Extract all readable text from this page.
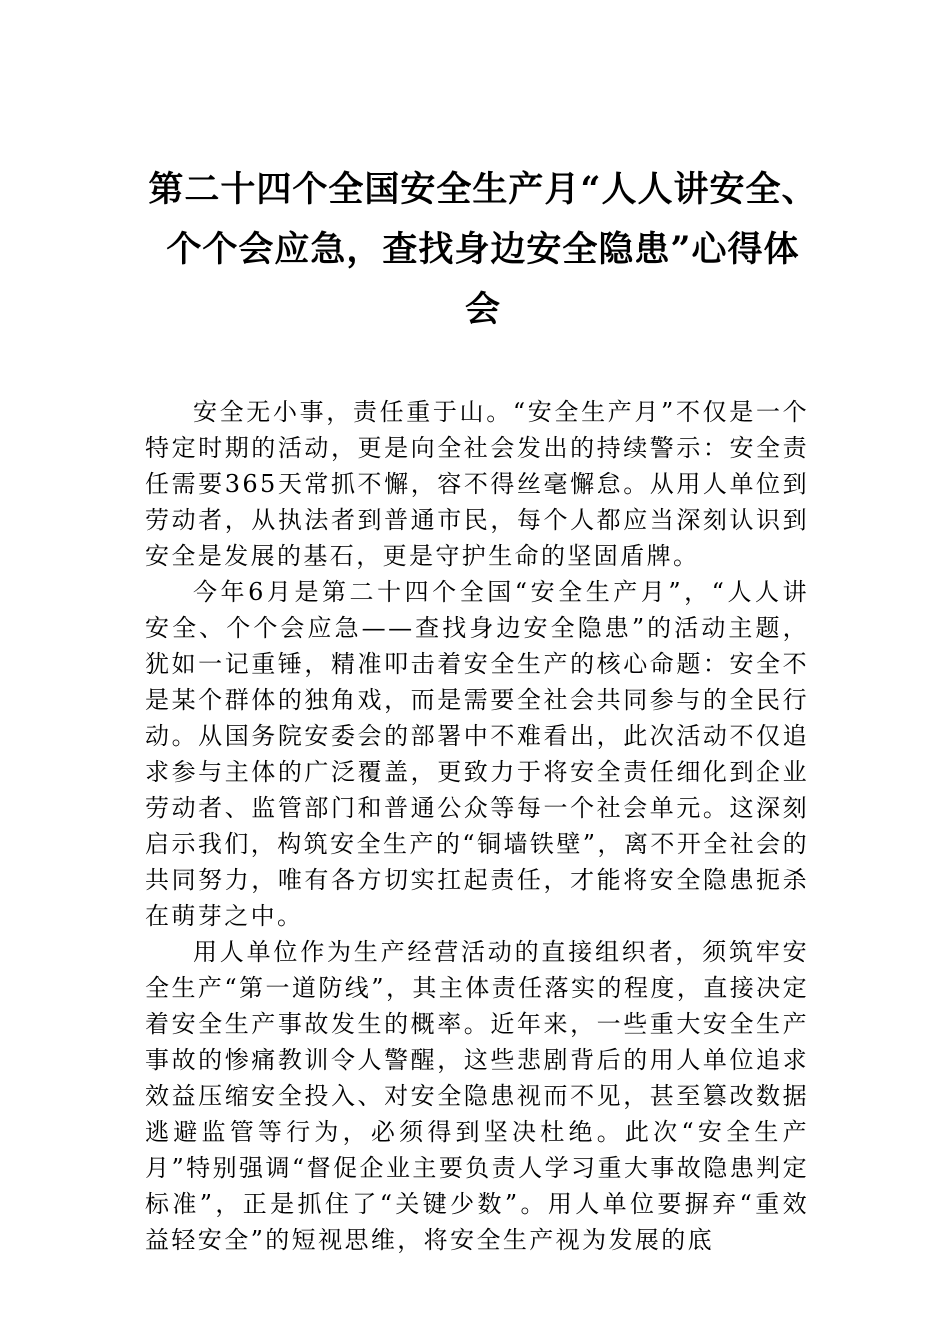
第二十四个全国安全生产月“人人讲安全、
个个会应急，查找身边安全隐患”心得体
会

安全无小事，责任重于山。“安全生产月”不仅是一个特定时期的活动，更是向全社会发出的持续警示：安全责任需要365天常抓不懈，容不得丝毫懈怠。从用人单位到劳动者，从执法者到普通市民，每个人都应当深刻认识到安全是发展的基石，更是守护生命的坚固盾牌。

今年6月是第二十四个全国“安全生产月”，“人人讲安全、个个会应急——查找身边安全隐患”的活动主题，犹如一记重锤，精准叩击着安全生产的核心命题：安全不是某个群体的独角戏，而是需要全社会共同参与的全民行动。从国务院安委会的部署中不难看出，此次活动不仅追求参与主体的广泛覆盖，更致力于将安全责任细化到企业劳动者、监管部门和普通公众等每一个社会单元。这深刻启示我们，构筑安全生产的“铜墙铁壁”，离不开全社会的共同努力，唯有各方切实扛起责任，才能将安全隐患扼杀在萌芽之中。

用人单位作为生产经营活动的直接组织者，须筑牢安全生产“第一道防线”，其主体责任落实的程度，直接决定着安全生产事故发生的概率。近年来，一些重大安全生产事故的惨痛教训令人警醒，这些悲剧背后的用人单位追求效益压缩安全投入、对安全隐患视而不见，甚至篡改数据逃避监管等行为，必须得到坚决杜绝。此次“安全生产月”特别强调“督促企业主要负责人学习重大事故隐患判定标准”，正是抓住了“关键少数”。用人单位要摒弃“重效益轻安全”的短视思维，将安全生产视为发展的底
